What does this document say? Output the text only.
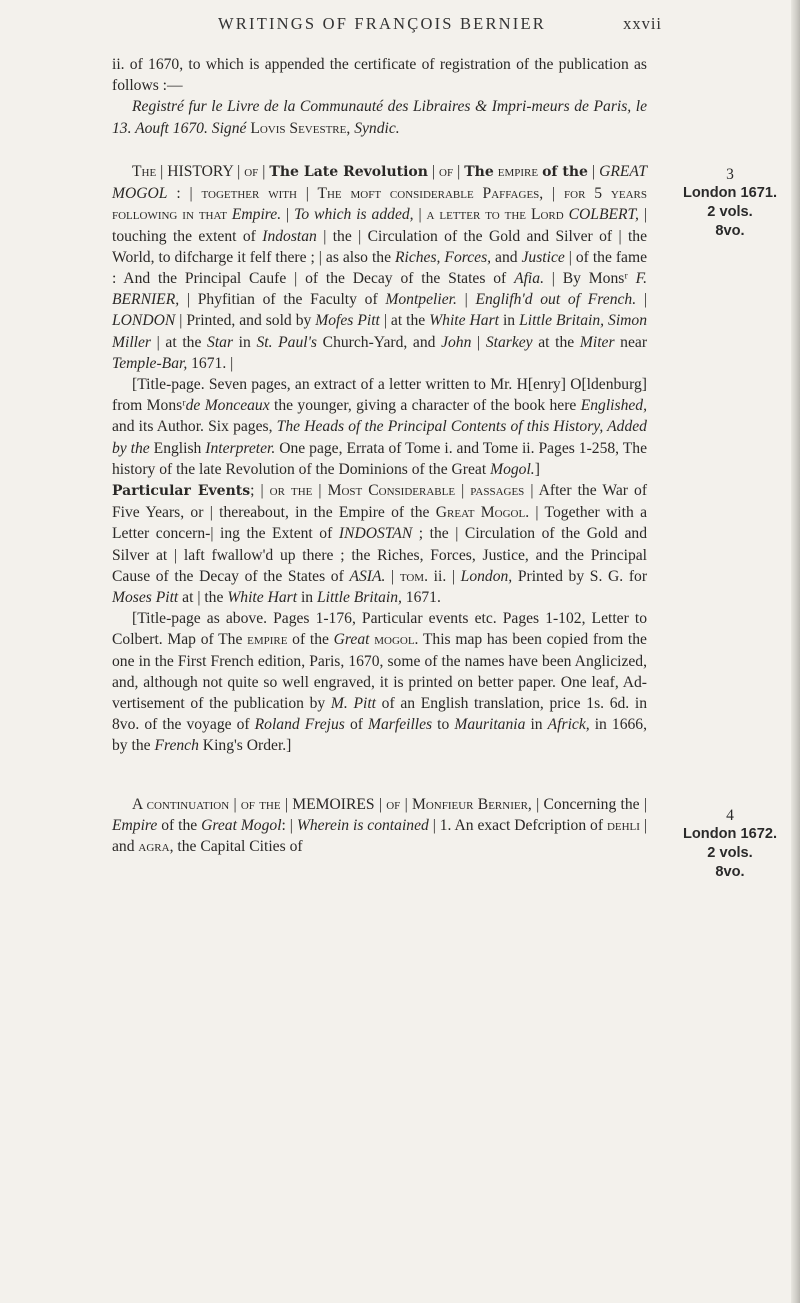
WRITINGS OF FRANÇOIS BERNIER	xxvii

ii. of 1670, to which is appended the certificate of registration of the publication as follows :—

Registré fur le Livre de la Communauté des Libraires & Impri-meurs de Paris, le 13. Aouft 1670. Signé Lovis Sevestre, Syndic.

The | HISTORY | of | The Late Revolution | of | The empire of the | GREAT MOGOL : | together with | The moft considerable Paffages, | for 5 years following in that Empire. | To which is added, | a letter to the Lord COLBERT, | touching the extent of Indostan | the | Circulation of the Gold and Silver of | the World, to difcharge it felf there ; | as also the Riches, Forces, and Justice | of the fame : And the Principal Caufe | of the Decay of the States of Afia. | By Monsʳ F. BERNIER, | Phyfitian of the Faculty of Montpelier. | Englifh'd out of French. | LONDON | Printed, and sold by Mofes Pitt | at the White Hart in Little Britain, Simon Miller | at the Star in St. Paul's Church-Yard, and John | Starkey at the Miter near Temple-Bar, 1671. |

[Title-page. Seven pages, an extract of a letter written to Mr. H[enry] O[ldenburg] from Monsʳde Monceaux the younger, giving a character of the book here Englished, and its Author. Six pages, The Heads of the Principal Contents of this History, Added by the English Interpreter. One page, Errata of Tome i. and Tome ii. Pages 1-258, The history of the late Revolution of the Dominions of the Great Mogol.]

Particular Events; | or the | Most Considerable | passages | After the War of Five Years, or | thereabout, in the Empire of the Great Mogol. | Together with a Letter concern-| ing the Extent of INDOSTAN ; the | Circulation of the Gold and Silver at | laft fwallow'd up there ; the Riches, Forces, Justice, and the Principal Cause of the Decay of the States of ASIA. | tom. ii. | London, Printed by S. G. for Moses Pitt at | the White Hart in Little Britain, 1671.

[Title-page as above. Pages 1-176, Particular events etc. Pages 1-102, Letter to Colbert. Map of The empire of the Great mogol. This map has been copied from the one in the First French edition, Paris, 1670, some of the names have been Anglicized, and, although not quite so well engraved, it is printed on better paper. One leaf, Ad-vertisement of the publication by M. Pitt of an English translation, price 1s. 6d. in 8vo. of the voyage of Roland Frejus of Marfeilles to Mauritania in Africk, in 1666, by the French King's Order.]

A continuation | of the | MEMOIRES | of | Monfieur Bernier, | Concerning the | Empire of the Great Mogol: | Wherein is contained | 1. An exact Defcription of dehli | and agra, the Capital Cities of

3
London 1671.
2 vols.
8vo.
4
London 1672.
2 vols.
8vo.
